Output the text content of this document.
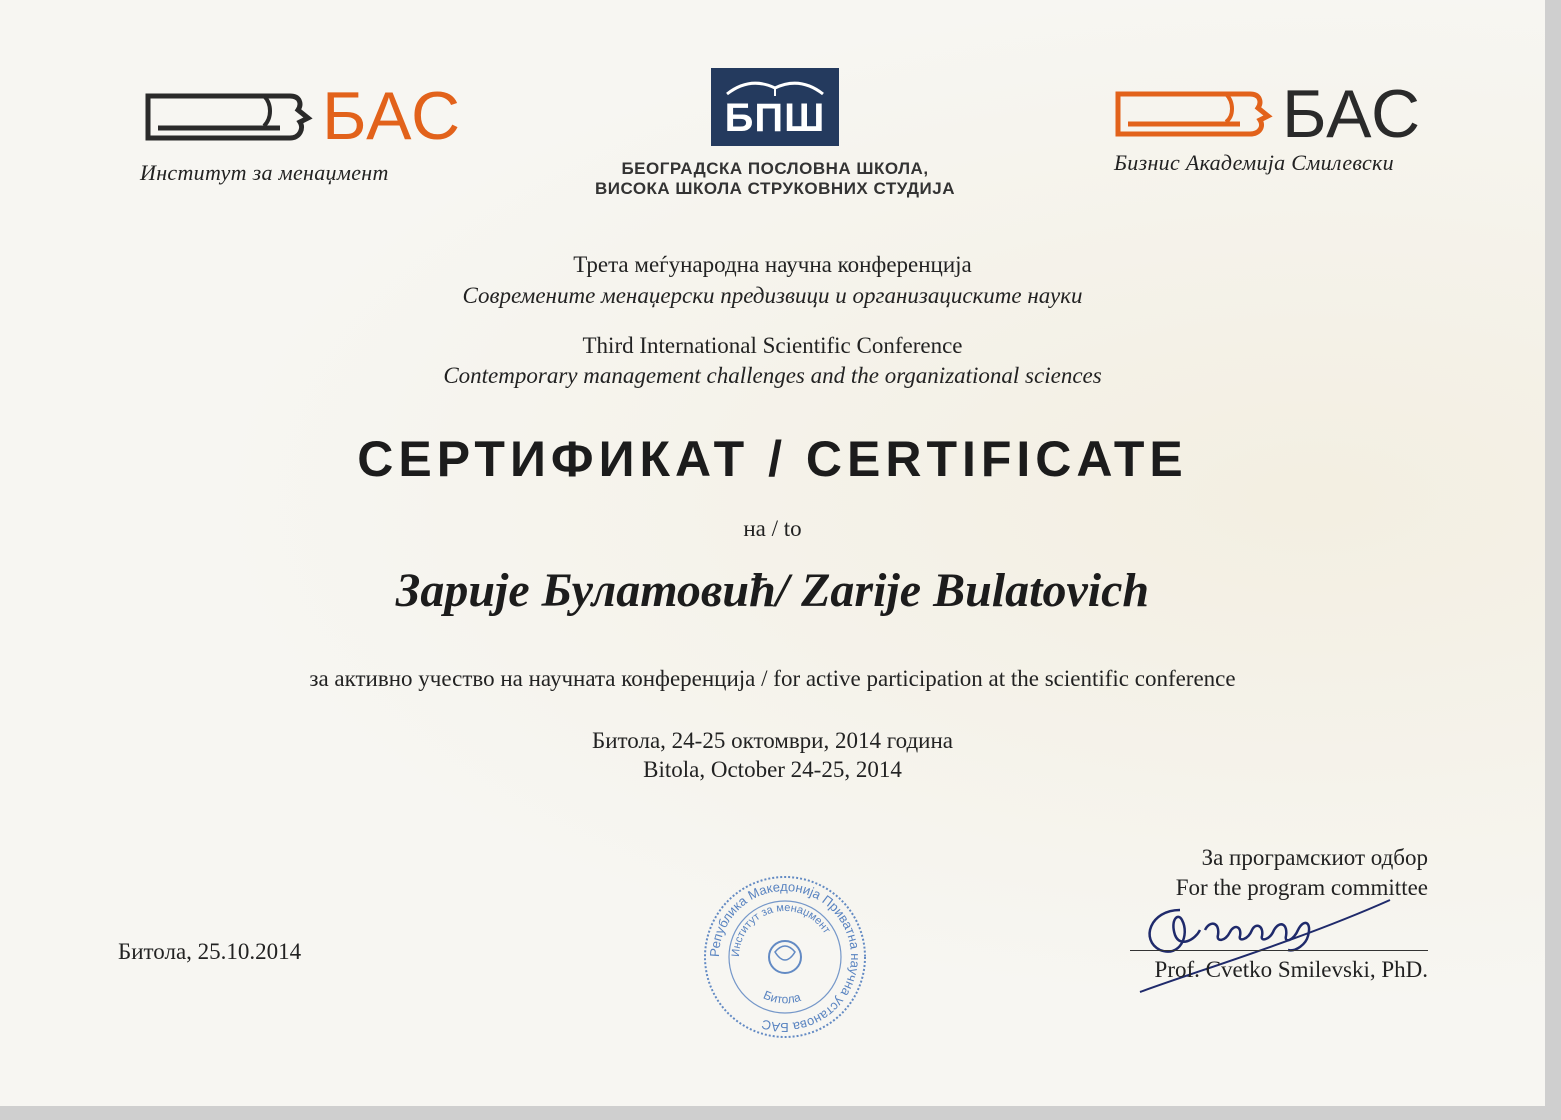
БАС
Институт за менаџмент
БПШ
БЕОГРАДСКА ПОСЛОВНА ШКОЛА,
ВИСОКА ШКОЛА СТРУКОВНИХ СТУДИЈА
БАС
Бизнис Академија Смилевски
Трета меѓународна научна конференција
Современите менаџерски предизвици и организациските науки
Third International Scientific Conference
Contemporary management challenges and the organizational sciences
СЕРТИФИКАТ / CERTIFICATE
на / to
Зарије Булатовић/ Zarije Bulatovich
за активно учество на научната конференција / for active participation at the scientific conference
Битола, 24-25 октомври, 2014 година
Bitola, October 24-25, 2014
Битола, 25.10.2014	Република Македонија Приватна научна установа БАС
Институт за менаџмент
Битола
За програмскиот одбор
For the program committee
Prof. Cvetko Smilevski, PhD.
